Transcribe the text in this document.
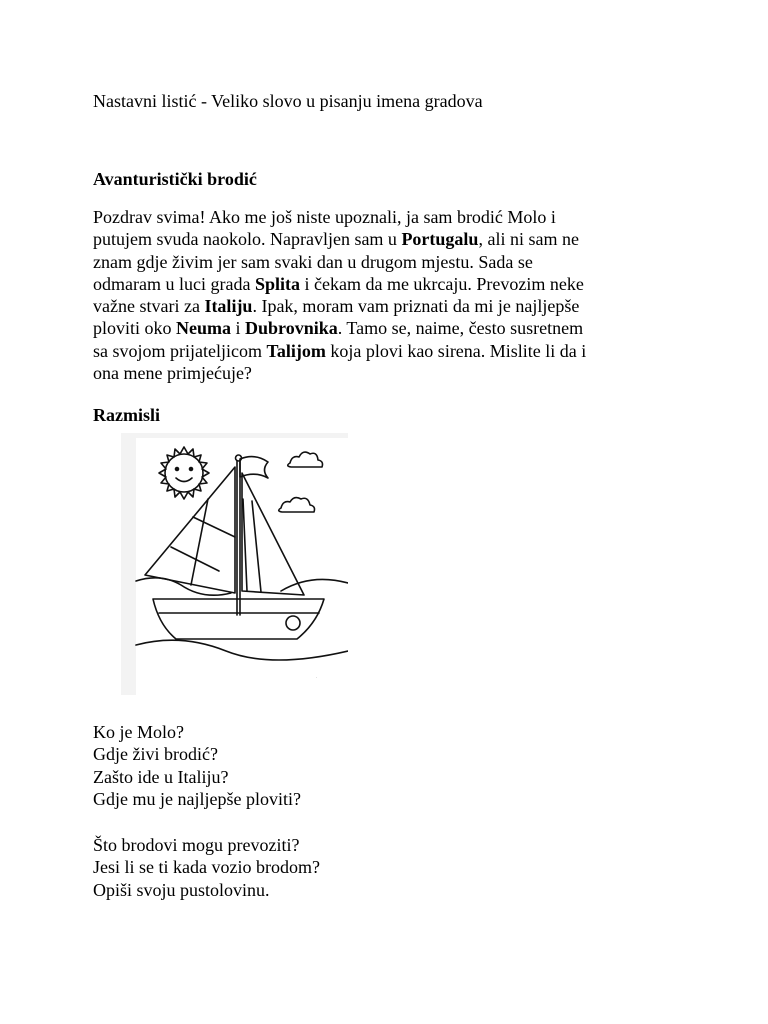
Nastavni listić - Veliko slovo u pisanju imena gradova

Avanturistički brodić

Pozdrav svima! Ako me još niste upoznali, ja sam brodić Molo i

putujem svuda naokolo. Napravljen sam u Portugalu, ali ni sam ne

znam gdje živim jer sam svaki dan u drugom mjestu. Sada se

odmaram u luci grada Splita i čekam da me ukrcaju. Prevozim neke

važne stvari za Italiju. Ipak, moram vam priznati da mi je najljepše

ploviti oko Neuma i Dubrovnika. Tamo se, naime, često susretnem

sa svojom prijateljicom Talijom koja plovi kao sirena. Mislite li da i

ona mene primjećuje?

Razmisli

.

Ko je Molo?

Gdje živi brodić?

Zašto ide u Italiju?

Gdje mu je najljepše ploviti?

Što brodovi mogu prevoziti?

Jesi li se ti kada vozio brodom?

Opiši svoju pustolovinu.
